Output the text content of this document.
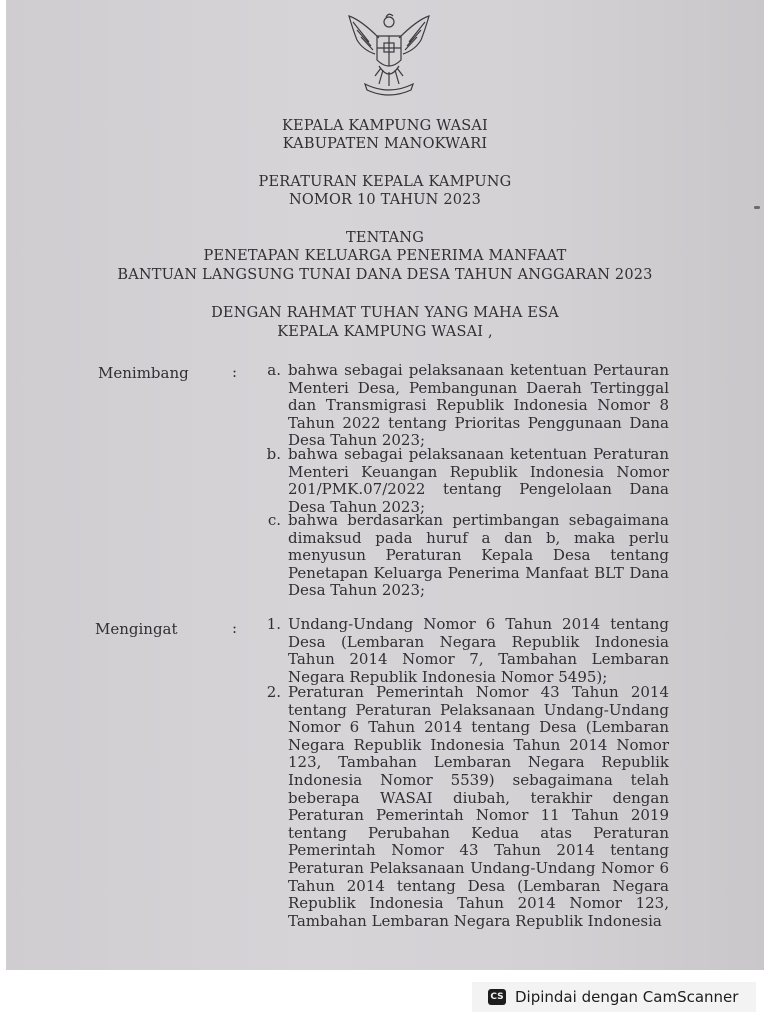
KEPALA KAMPUNG WASAI
KABUPATEN MANOKWARI
PERATURAN KEPALA KAMPUNG
NOMOR 10 TAHUN 2023
TENTANG
PENETAPAN KELUARGA PENERIMA MANFAAT
BANTUAN LANGSUNG TUNAI DANA DESA TAHUN ANGGARAN 2023
DENGAN RAHMAT TUHAN YANG MAHA ESA
KEPALA KAMPUNG WASAI ,
Menimbang	:	a. bahwa sebagai pelaksanaan ketentuan Pertauran Menteri Desa, Pembangunan Daerah Tertinggal dan Transmigrasi Republik Indonesia Nomor 8 Tahun 2022 tentang Prioritas Penggunaan Dana Desa Tahun 2023;
b. bahwa sebagai pelaksanaan ketentuan Peraturan Menteri Keuangan Republik Indonesia Nomor 201/PMK.07/2022 tentang Pengelolaan Dana Desa Tahun 2023;
c. bahwa berdasarkan pertimbangan sebagaimana dimaksud pada huruf a dan b, maka perlu menyusun Peraturan Kepala Desa tentang Penetapan Keluarga Penerima Manfaat BLT Dana Desa Tahun 2023;
Mengingat	:	1. Undang-Undang Nomor 6 Tahun 2014 tentang Desa (Lembaran Negara Republik Indonesia Tahun 2014 Nomor 7, Tambahan Lembaran Negara Republik Indonesia Nomor 5495);
2. Peraturan Pemerintah Nomor 43 Tahun 2014 tentang Peraturan Pelaksanaan Undang-Undang Nomor 6 Tahun 2014 tentang Desa (Lembaran Negara Republik Indonesia Tahun 2014 Nomor 123, Tambahan Lembaran Negara Republik Indonesia Nomor 5539) sebagaimana telah beberapa WASAI diubah, terakhir dengan Peraturan Pemerintah Nomor 11 Tahun 2019 tentang Perubahan Kedua atas Peraturan Pemerintah Nomor 43 Tahun 2014 tentang Peraturan Pelaksanaan Undang-Undang Nomor 6 Tahun 2014 tentang Desa (Lembaran Negara Republik Indonesia Tahun 2014 Nomor 123, Tambahan Lembaran Negara Republik Indonesia
CS Dipindai dengan CamScanner
